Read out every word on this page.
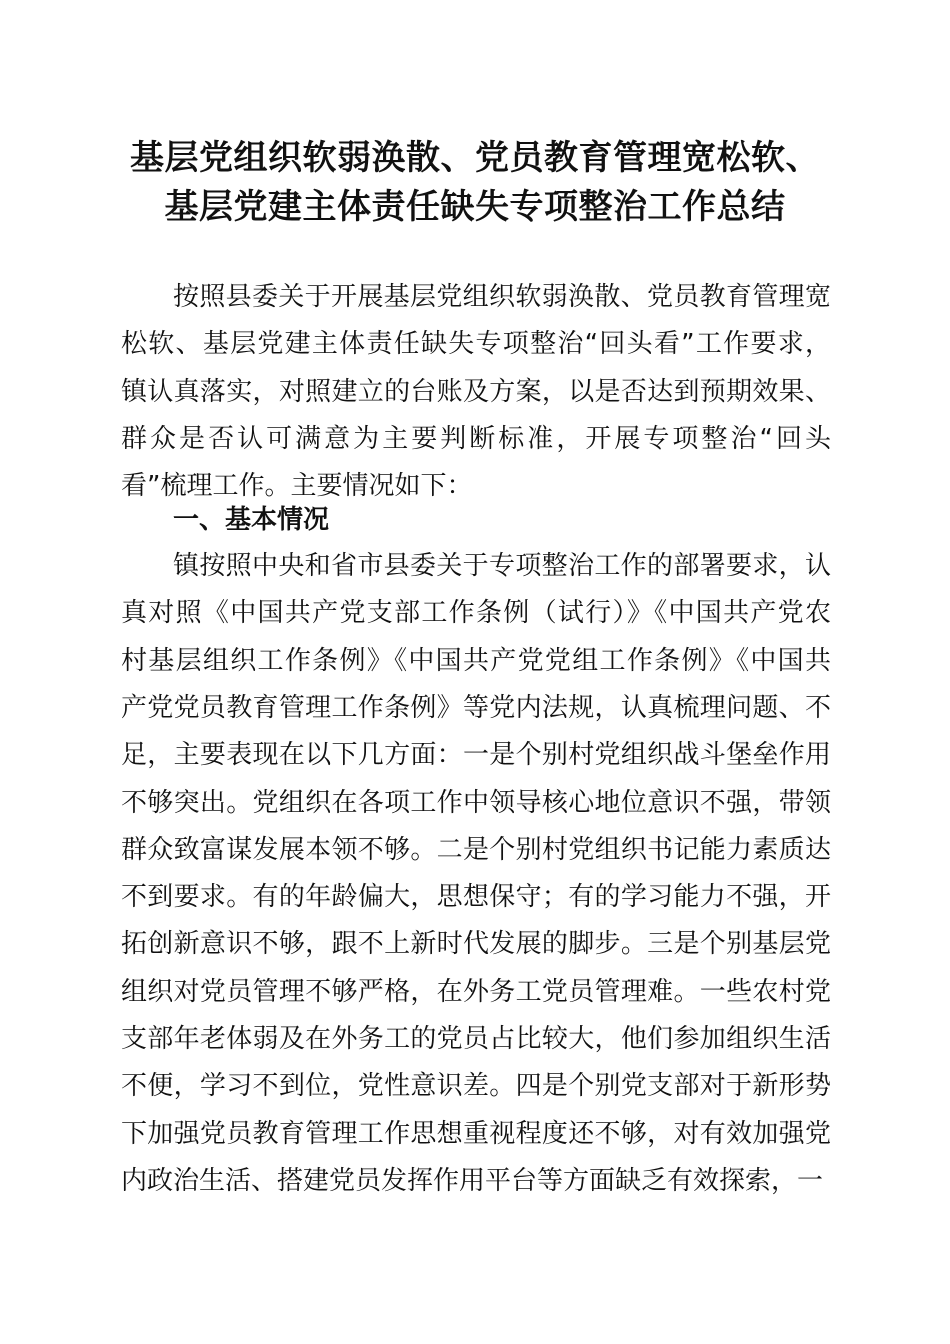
基层党组织软弱涣散、党员教育管理宽松软、
基层党建主体责任缺失专项整治工作总结
按照县委关于开展基层党组织软弱涣散、党员教育管理宽
松软、基层党建主体责任缺失专项整治“回头看”工作要求，
镇认真落实，对照建立的台账及方案，以是否达到预期效果、
群众是否认可满意为主要判断标准，开展专项整治“回头
看”梳理工作。主要情况如下：
一、基本情况
镇按照中央和省市县委关于专项整治工作的部署要求，认
真对照《中国共产党支部工作条例（试行）》《中国共产党农
村基层组织工作条例》《中国共产党党组工作条例》《中国共
产党党员教育管理工作条例》等党内法规，认真梳理问题、不
足，主要表现在以下几方面：一是个别村党组织战斗堡垒作用
不够突出。党组织在各项工作中领导核心地位意识不强，带领
群众致富谋发展本领不够。二是个别村党组织书记能力素质达
不到要求。有的年龄偏大，思想保守；有的学习能力不强，开
拓创新意识不够，跟不上新时代发展的脚步。三是个别基层党
组织对党员管理不够严格，在外务工党员管理难。一些农村党
支部年老体弱及在外务工的党员占比较大，他们参加组织生活
不便，学习不到位，党性意识差。四是个别党支部对于新形势
下加强党员教育管理工作思想重视程度还不够，对有效加强党
内政治生活、搭建党员发挥作用平台等方面缺乏有效探索，一
